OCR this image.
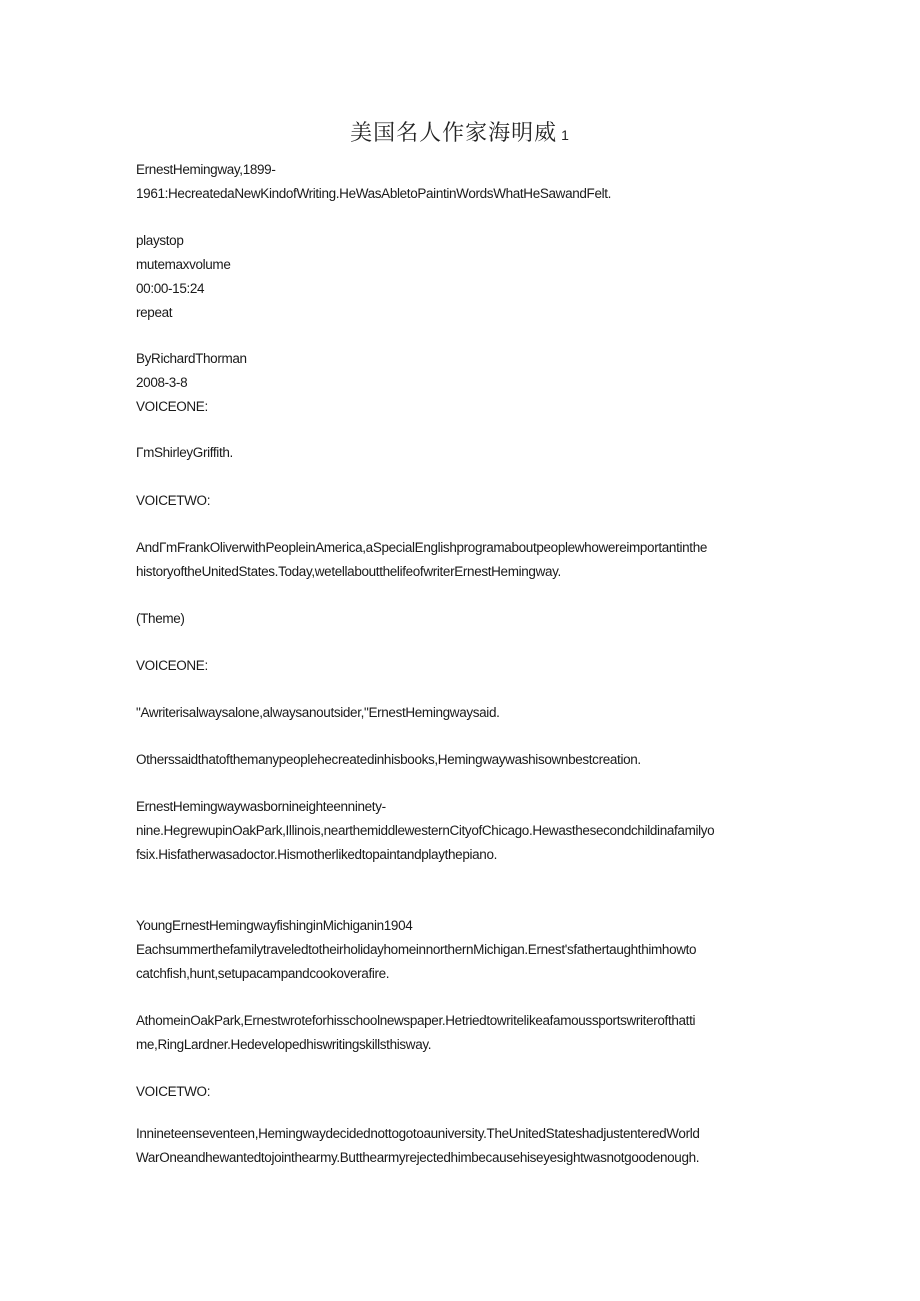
美国名人作家海明威 1
ErnestHemingway,1899-
1961:HecreatedaNewKindofWriting.HeWasAbletoPaintinWordsWhatHeSawandFelt.
playstop
mutemaxvolume
00:00-15:24
repeat
ByRichardThorman
2008-3-8
VOICEONE:
ΓmShirleyGriffith.
VOICETWO:
AndΓmFrankOliverwithPeopleinAmerica,aSpecialEnglishprogramaboutpeoplewhowereimportantinthe
historyoftheUnitedStates.Today,wetellaboutthelifeofwriterErnestHemingway.
(Theme)
VOICEONE:
"Awriterisalwaysalone,alwaysanoutsider,"ErnestHemingwaysaid.
Otherssaidthatofthemanypeoplehecreatedinhisbooks,Hemingwaywashisownbestcreation.
ErnestHemingwaywasbornineighteenninety-
nine.HegrewupinOakPark,Illinois,nearthemiddlewesternCityofChicago.Hewasthesecondchildinafamilyo
fsix.Hisfatherwasadoctor.Hismotherlikedtopaintandplaythepiano.
YoungErnestHemingwayfishinginMichiganin1904
EachsummerthefamilytraveledtotheirholidayhomeinnorthernMichigan.Ernest'sfathertaughthimhowto
catchfish,hunt,setupacampandcookoverafire.
AthomeinOakPark,Ernestwroteforhisschoolnewspaper.Hetriedtowritelikeafamoussportswriterofthatti
me,RingLardner.Hedevelopedhiswritingskillsthisway.
VOICETWO:
Innineteenseventeen,Hemingwaydecidednottogotoauniversity.TheUnitedStateshadjustenteredWorld
WarOneandhewantedtojointhearmy.Butthearmyrejectedhimbecausehiseyesightwasnotgoodenough.
